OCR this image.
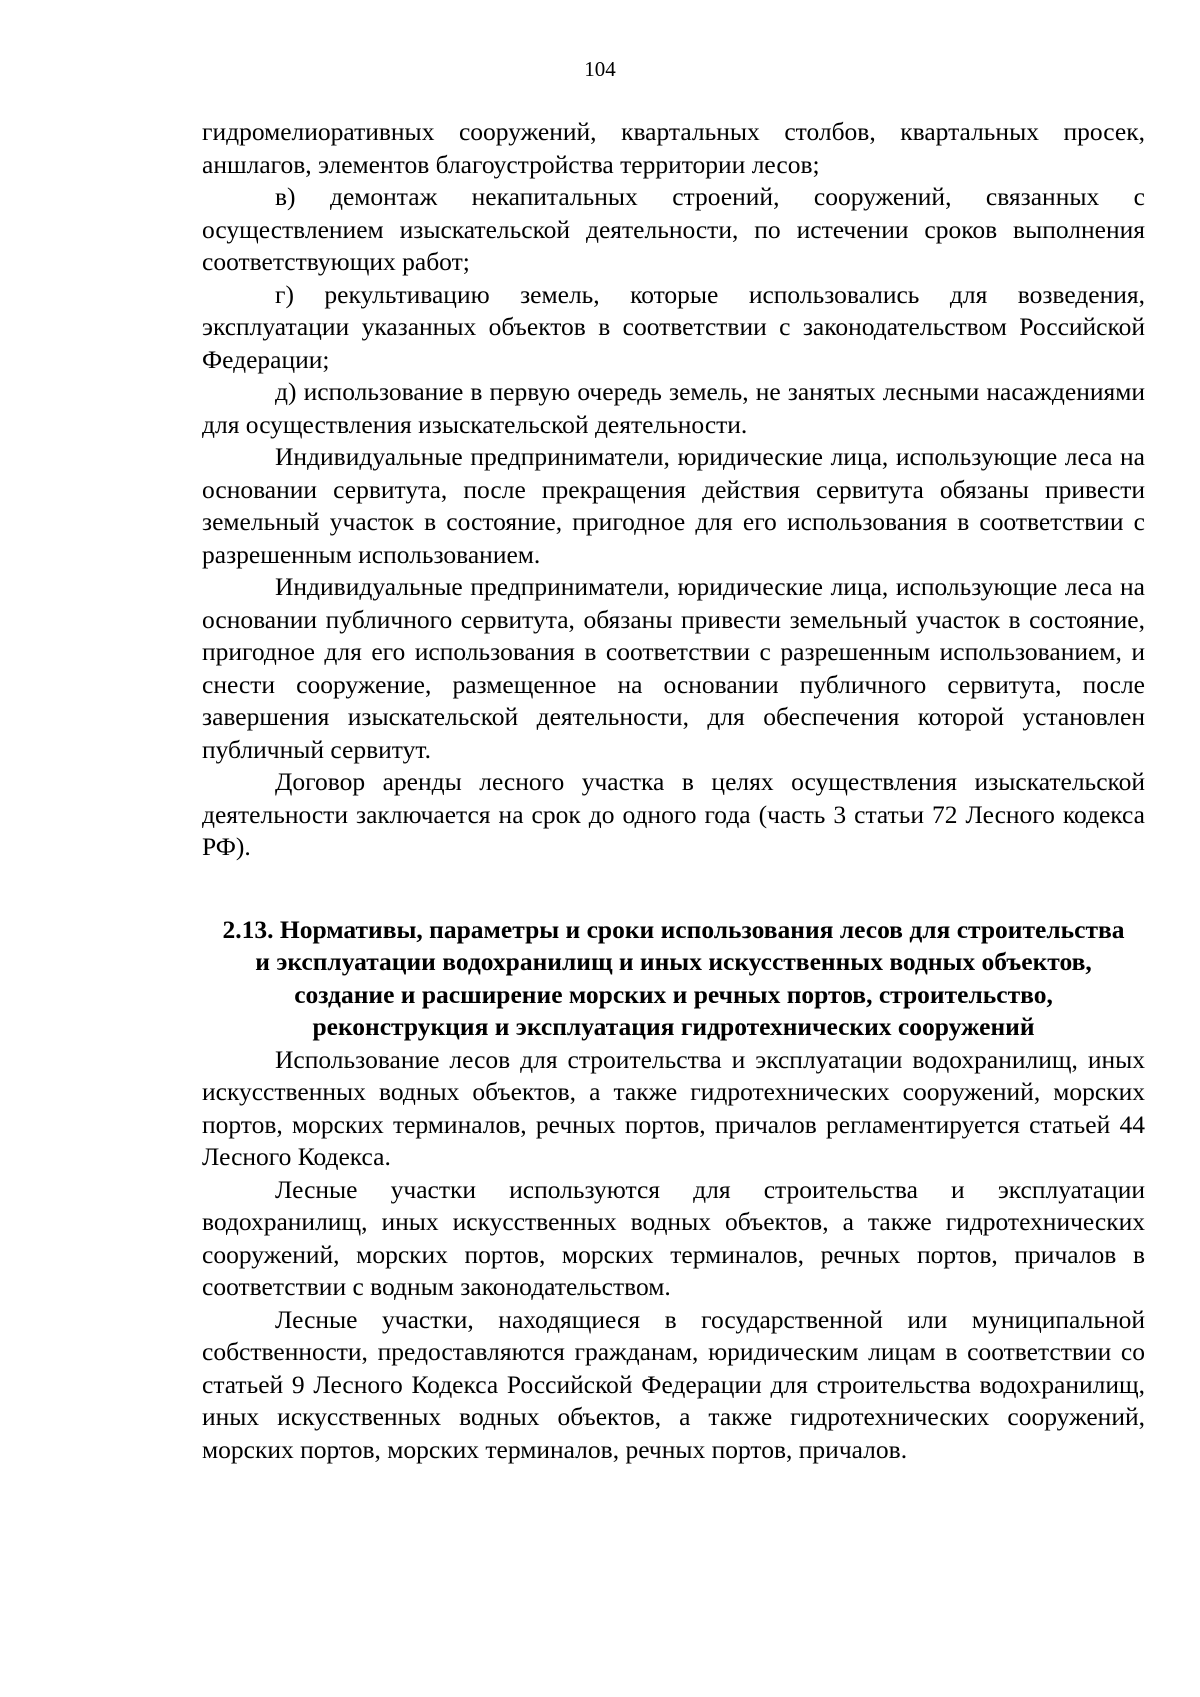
104

гидромелиоративных сооружений, квартальных столбов, квартальных просек, аншлагов, элементов благоустройства территории лесов;

в) демонтаж некапитальных строений, сооружений, связанных с осуществлением изыскательской деятельности, по истечении сроков выполнения соответствующих работ;

г) рекультивацию земель, которые использовались для возведения, эксплуатации указанных объектов в соответствии с законодательством Российской Федерации;

д) использование в первую очередь земель, не занятых лесными насаждениями для осуществления изыскательской деятельности.

Индивидуальные предприниматели, юридические лица, использующие леса на основании сервитута, после прекращения действия сервитута обязаны привести земельный участок в состояние, пригодное для его использования в соответствии с разрешенным использованием.

Индивидуальные предприниматели, юридические лица, использующие леса на основании публичного сервитута, обязаны привести земельный участок в состояние, пригодное для его использования в соответствии с разрешенным использованием, и снести сооружение, размещенное на основании публичного сервитута, после завершения изыскательской деятельности, для обеспечения которой установлен публичный сервитут.

Договор аренды лесного участка в целях осуществления изыскательской деятельности заключается на срок до одного года (часть 3 статьи 72 Лесного кодекса РФ).

2.13. Нормативы, параметры и сроки использования лесов для строительства и эксплуатации водохранилищ и иных искусственных водных объектов, создание и расширение морских и речных портов, строительство, реконструкция и эксплуатация гидротехнических сооружений

Использование лесов для строительства и эксплуатации водохранилищ, иных искусственных водных объектов, а также гидротехнических сооружений, морских портов, морских терминалов, речных портов, причалов регламентируется статьей 44 Лесного Кодекса.

Лесные участки используются для строительства и эксплуатации водохранилищ, иных искусственных водных объектов, а также гидротехнических сооружений, морских портов, морских терминалов, речных портов, причалов в соответствии с водным законодательством.

Лесные участки, находящиеся в государственной или муниципальной собственности, предоставляются гражданам, юридическим лицам в соответствии со статьей 9 Лесного Кодекса Российской Федерации для строительства водохранилищ, иных искусственных водных объектов, а также гидротехнических сооружений, морских портов, морских терминалов, речных портов, причалов.
